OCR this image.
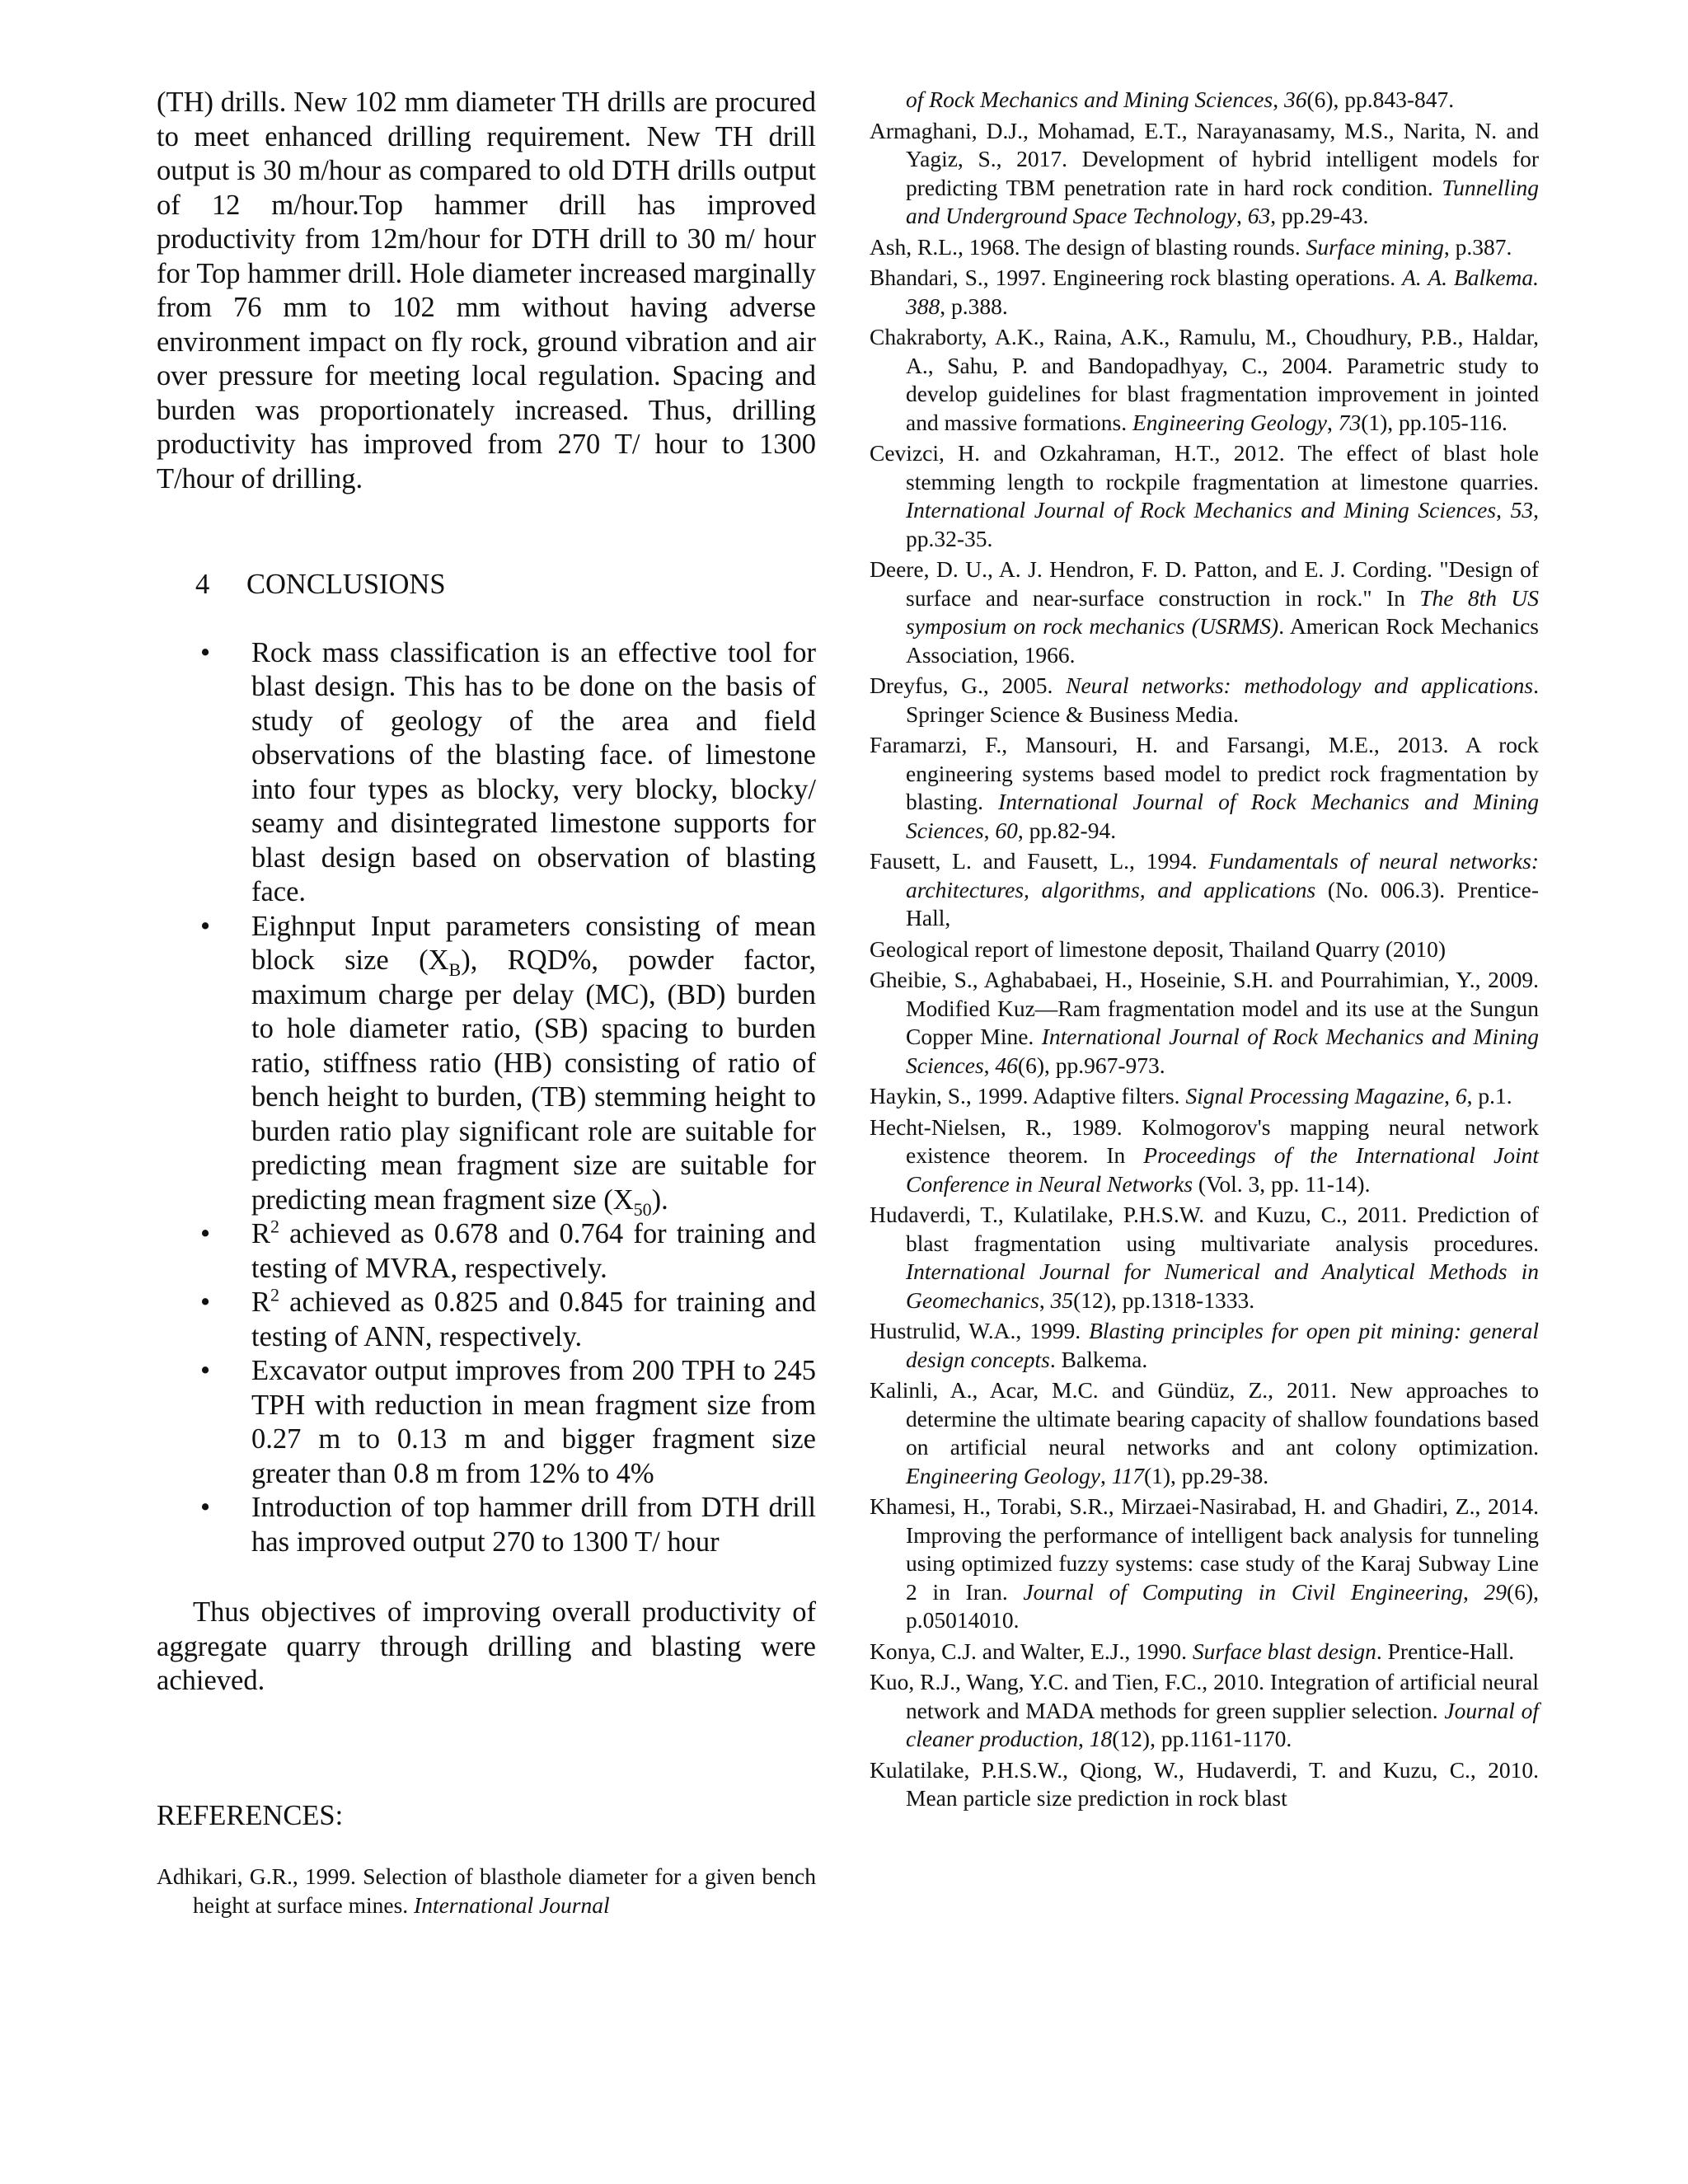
(TH) drills. New 102 mm diameter TH drills are procured to meet enhanced drilling requirement. New TH drill output is 30 m/hour as compared to old DTH drills output of 12 m/hour.Top hammer drill has improved productivity from 12m/hour for DTH drill to 30 m/ hour for Top hammer drill. Hole diameter increased marginally from 76 mm to 102 mm without having adverse environment impact on fly rock, ground vibration and air over pressure for meeting local regulation. Spacing and burden was proportionately increased. Thus, drilling productivity has improved from 270 T/ hour to 1300 T/hour of drilling.

4 CONCLUSIONS
• Rock mass classification is an effective tool for blast design. This has to be done on the basis of study of geology of the area and field observations of the blasting face. of limestone into four types as blocky, very blocky, blocky/ seamy and disintegrated limestone supports for blast design based on observation of blasting face.
• Eighnput Input parameters consisting of mean block size $(X_B)$, RQD%, powder factor, maximum charge per delay (MC), (BD) burden to hole diameter ratio, (SB) spacing to burden ratio, stiffness ratio (HB) consisting of ratio of bench height to burden, (TB) stemming height to burden ratio play significant role are suitable for predicting mean fragment size are suitable for predicting mean fragment size $(X_{50})$.
• $R^2$ achieved as 0.678 and 0.764 for training and testing of MVRA, respectively.
• $R^2$ achieved as 0.825 and 0.845 for training and testing of ANN, respectively.
• Excavator output improves from 200 TPH to 245 TPH with reduction in mean fragment size from 0.27 m to 0.13 m and bigger fragment size greater than 0.8 m from 12% to 4%
• Introduction of top hammer drill from DTH drill has improved output 270 to 1300 T/ hour

Thus objectives of improving overall productivity of aggregate quarry through drilling and blasting were achieved.

REFERENCES:

Adhikari, G.R., 1999. Selection of blasthole diameter for a given bench height at surface mines. International Journal

of Rock Mechanics and Mining Sciences, 36(6), pp.843-847.

Armaghani, D.J., Mohamad, E.T., Narayanasamy, M.S., Narita, N. and Yagiz, S., 2017. Development of hybrid intelligent models for predicting TBM penetration rate in hard rock condition. Tunnelling and Underground Space Technology, 63, pp.29-43.

Ash, R.L., 1968. The design of blasting rounds. Surface mining, p.387.

Bhandari, S., 1997. Engineering rock blasting operations. A. A. Balkema. 388, p.388.

Chakraborty, A.K., Raina, A.K., Ramulu, M., Choudhury, P.B., Haldar, A., Sahu, P. and Bandopadhyay, C., 2004. Parametric study to develop guidelines for blast fragmentation improvement in jointed and massive formations. Engineering Geology, 73(1), pp.105-116.

Cevizci, H. and Ozkahraman, H.T., 2012. The effect of blast hole stemming length to rockpile fragmentation at limestone quarries. International Journal of Rock Mechanics and Mining Sciences, 53, pp.32-35.

Deere, D. U., A. J. Hendron, F. D. Patton, and E. J. Cording. "Design of surface and near-surface construction in rock." In The 8th US symposium on rock mechanics (USRMS). American Rock Mechanics Association, 1966.

Dreyfus, G., 2005. Neural networks: methodology and applications. Springer Science & Business Media.

Faramarzi, F., Mansouri, H. and Farsangi, M.E., 2013. A rock engineering systems based model to predict rock fragmentation by blasting. International Journal of Rock Mechanics and Mining Sciences, 60, pp.82-94.

Fausett, L. and Fausett, L., 1994. Fundamentals of neural networks: architectures, algorithms, and applications (No. 006.3). Prentice-Hall,

Geological report of limestone deposit, Thailand Quarry (2010)

Gheibie, S., Aghababaei, H., Hoseinie, S.H. and Pourrahimian, Y., 2009. Modified Kuz—Ram fragmentation model and its use at the Sungun Copper Mine. International Journal of Rock Mechanics and Mining Sciences, 46(6), pp.967-973.

Haykin, S., 1999. Adaptive filters. Signal Processing Magazine, 6, p.1.

Hecht-Nielsen, R., 1989. Kolmogorov's mapping neural network existence theorem. In Proceedings of the International Joint Conference in Neural Networks (Vol. 3, pp. 11-14).

Hudaverdi, T., Kulatilake, P.H.S.W. and Kuzu, C., 2011. Prediction of blast fragmentation using multivariate analysis procedures. International Journal for Numerical and Analytical Methods in Geomechanics, 35(12), pp.1318-1333.

Hustrulid, W.A., 1999. Blasting principles for open pit mining: general design concepts. Balkema.

Kalinli, A., Acar, M.C. and Gündüz, Z., 2011. New approaches to determine the ultimate bearing capacity of shallow foundations based on artificial neural networks and ant colony optimization. Engineering Geology, 117(1), pp.29-38.

Khamesi, H., Torabi, S.R., Mirzaei-Nasirabad, H. and Ghadiri, Z., 2014. Improving the performance of intelligent back analysis for tunneling using optimized fuzzy systems: case study of the Karaj Subway Line 2 in Iran. Journal of Computing in Civil Engineering, 29(6), p.05014010.

Konya, C.J. and Walter, E.J., 1990. Surface blast design. Prentice-Hall.

Kuo, R.J., Wang, Y.C. and Tien, F.C., 2010. Integration of artificial neural network and MADA methods for green supplier selection. Journal of cleaner production, 18(12), pp.1161-1170.

Kulatilake, P.H.S.W., Qiong, W., Hudaverdi, T. and Kuzu, C., 2010. Mean particle size prediction in rock blast
